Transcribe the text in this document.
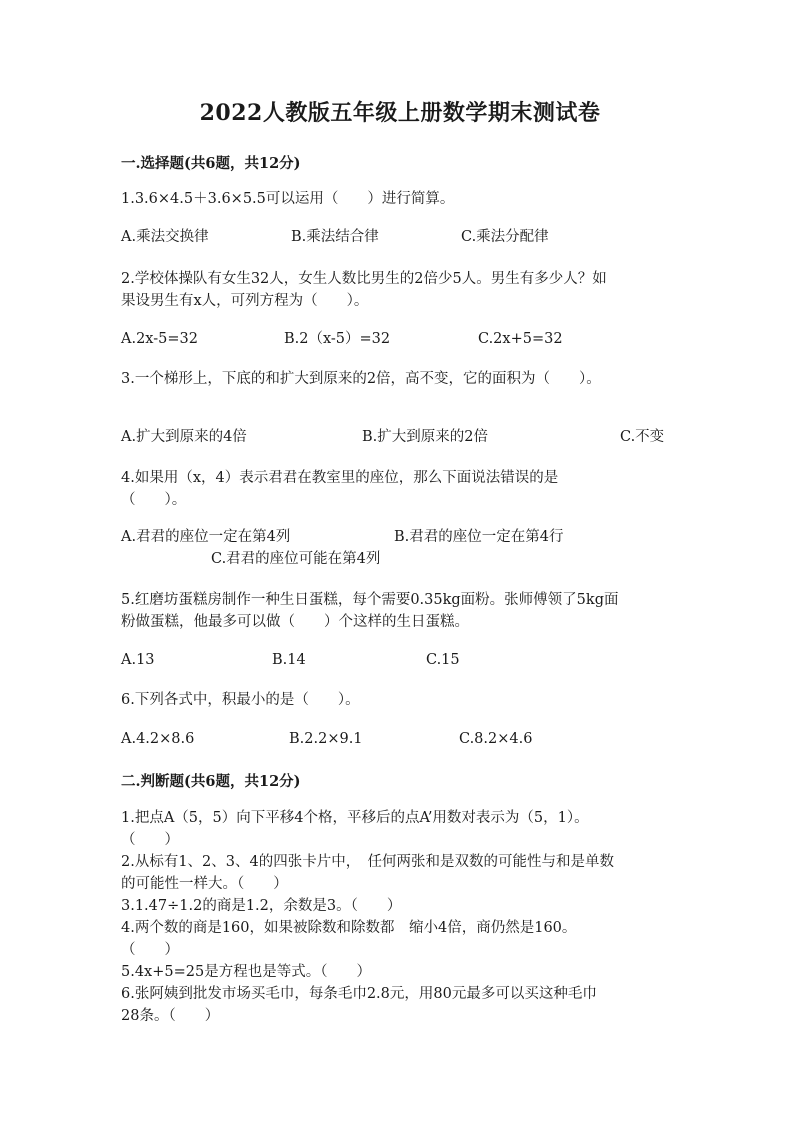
2022人教版五年级上册数学期末测试卷
一.选择题(共6题，共12分)
1.3.6×4.5＋3.6×5.5可以运用（　　）进行简算。
A.乘法交换律	B.乘法结合律	C.乘法分配律
2.学校体操队有女生32人，女生人数比男生的2倍少5人。男生有多少人？如
果设男生有x人，可列方程为（　　）。
A.2x-5=32	B.2（x-5）=32	C.2x+5=32
3.一个梯形上，下底的和扩大到原来的2倍，高不变，它的面积为（　　）。
A.扩大到原来的4倍	B.扩大到原来的2倍	C.不变
4.如果用（x，4）表示君君在教室里的座位，那么下面说法错误的是
（　　）。
A.君君的座位一定在第4列	B.君君的座位一定在第4行
C.君君的座位可能在第4列
5.红磨坊蛋糕房制作一种生日蛋糕，每个需要0.35kg面粉。张师傅领了5kg面
粉做蛋糕，他最多可以做（　　）个这样的生日蛋糕。
A.13	B.14	C.15
6.下列各式中，积最小的是（　　）。
A.4.2×8.6	B.2.2×9.1	C.8.2×4.6
二.判断题(共6题，共12分)
1.把点A（5，5）向下平移4个格，平移后的点A’用数对表示为（5，1）。
（　　）
2.从标有1、2、3、4的四张卡片中，　任何两张和是双数的可能性与和是单数
的可能性一样大。（　　）
3.1.47÷1.2的商是1.2，余数是3。（　　）
4.两个数的商是160，如果被除数和除数都　缩小4倍，商仍然是160。
（　　）
5.4x+5=25是方程也是等式。（　　）
6.张阿姨到批发市场买毛巾，每条毛巾2.8元，用80元最多可以买这种毛巾
28条。（　　）
